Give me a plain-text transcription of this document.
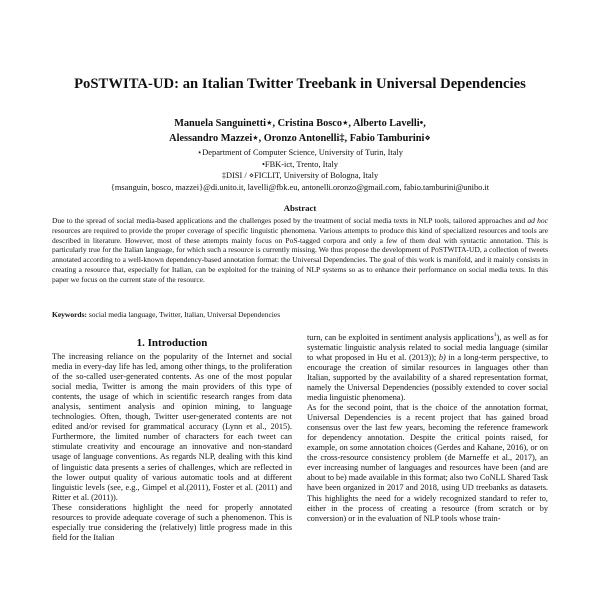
PoSTWITA-UD: an Italian Twitter Treebank in Universal Dependencies
Manuela Sanguinetti⋆, Cristina Bosco⋆, Alberto Lavelli•,
Alessandro Mazzei⋆, Oronzo Antonelli‡, Fabio Tamburini⋄
⋆Department of Computer Science, University of Turin, Italy
•FBK-ict, Trento, Italy
‡DISI / ⋄FICLIT, University of Bologna, Italy
{msanguin, bosco, mazzei}@di.unito.it, lavelli@fbk.eu, antonelli.oronzo@gmail.com, fabio.tamburini@unibo.it
Abstract
Due to the spread of social media-based applications and the challenges posed by the treatment of social media texts in NLP tools, tailored approaches and ad hoc resources are required to provide the proper coverage of specific linguistic phenomena. Various attempts to produce this kind of specialized resources and tools are described in literature. However, most of these attempts mainly focus on PoS-tagged corpora and only a few of them deal with syntactic annotation. This is particularly true for the Italian language, for which such a resource is currently missing. We thus propose the development of PoSTWITA-UD, a collection of tweets annotated according to a well-known dependency-based annotation format: the Universal Dependencies. The goal of this work is manifold, and it mainly consists in creating a resource that, especially for Italian, can be exploited for the training of NLP systems so as to enhance their performance on social media texts. In this paper we focus on the current state of the resource.
Keywords: social media language, Twitter, Italian, Universal Dependencies
1. Introduction

The increasing reliance on the popularity of the Internet and social media in every-day life has led, among other things, to the proliferation of the so-called user-generated contents. As one of the most popular social media, Twitter is among the main providers of this type of contents, the usage of which in scientific research ranges from data analysis, sentiment analysis and opinion mining, to language technologies. Often, though, Twitter user-generated contents are not edited and/or revised for grammatical accuracy (Lynn et al., 2015). Furthermore, the limited number of characters for each tweet can stimulate creativity and encourage an innovative and non-standard usage of language conventions. As regards NLP, dealing with this kind of linguistic data presents a series of challenges, which are reflected in the lower output quality of various automatic tools and at different linguistic levels (see, e.g., Gimpel et al.(2011), Foster et al. (2011) and Ritter et al. (2011)).

These considerations highlight the need for properly annotated resources to provide adequate coverage of such a phenomenon. This is especially true considering the (relatively) little progress made in this field for the Italian

turn, can be exploited in sentiment analysis applications$^1$), as well as for systematic linguistic analysis related to social media language (similar to what proposed in Hu et al. (2013)); b) in a long-term perspective, to encourage the creation of similar resources in languages other than Italian, supported by the availability of a shared representation format, namely the Universal Dependencies (possibly extended to cover social media linguistic phenomena).

As for the second point, that is the choice of the annotation format, Universal Dependencies is a recent project that has gained broad consensus over the last few years, becoming the reference framework for dependency annotation. Despite the critical points raised, for example, on some annotation choices (Gerdes and Kahane, 2016), or on the cross-resource consistency problem (de Marneffe et al., 2017), an ever increasing number of languages and resources have been (and are about to be) made available in this format; also two CoNLL Shared Task have been organized in 2017 and 2018, using UD treebanks as datasets. This highlights the need for a widely recognized standard to refer to, either in the process of creating a resource (from scratch or by conversion) or in the evaluation of NLP tools whose train-
